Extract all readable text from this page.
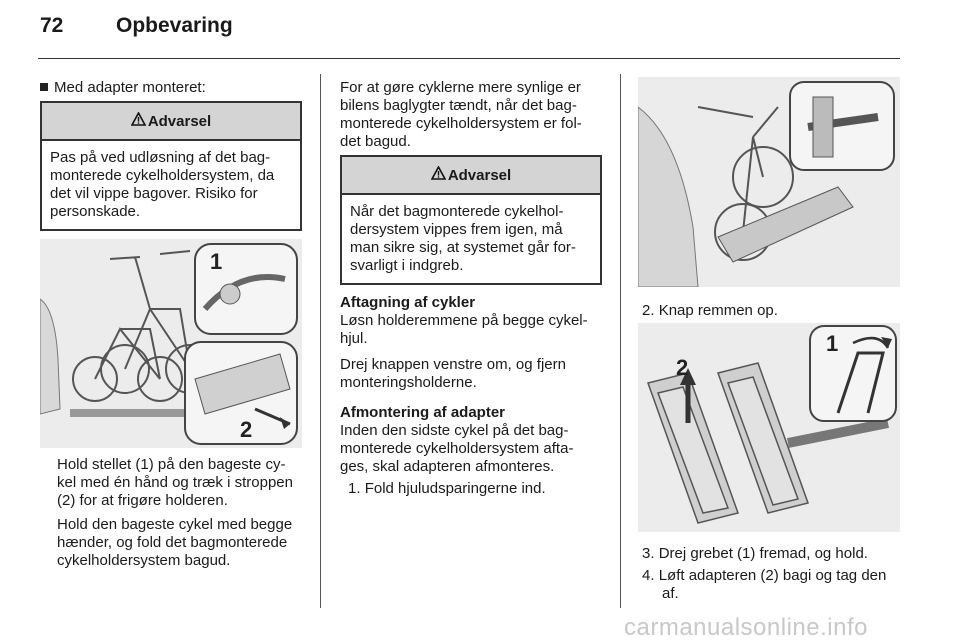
72	Opbevaring
Med adapter monteret:
Advarsel
Pas på ved udløsning af det bag-
monterede cykelholdersystem, da
det vil vippe bagover. Risiko for
personskade.
1
2
Hold stellet (1) på den bageste cy-
kel med én hånd og træk i stroppen
(2) for at frigøre holderen.
Hold den bageste cykel med begge
hænder, og fold det bagmonterede
cykelholdersystem bagud.
For at gøre cyklerne mere synlige er
bilens baglygter tændt, når det bag-
monterede cykelholdersystem er fol-
det bagud.
Advarsel
Når det bagmonterede cykelhol-
dersystem vippes frem igen, må
man sikre sig, at systemet går for-
svarligt i indgreb.
Aftagning af cykler
Løsn holderemmene på begge cykel-
hjul.
Drej knappen venstre om, og fjern
monteringsholderne.
Afmontering af adapter
Inden den sidste cykel på det bag-
monterede cykelholdersystem afta-
ges, skal adapteren afmonteres.
1. Fold hjuludsparingerne ind.
2. Knap remmen op.
2
1
3. Drej grebet (1) fremad, og hold.
4. Løft adapteren (2) bagi og tag den
af.
carmanualsonline.info
